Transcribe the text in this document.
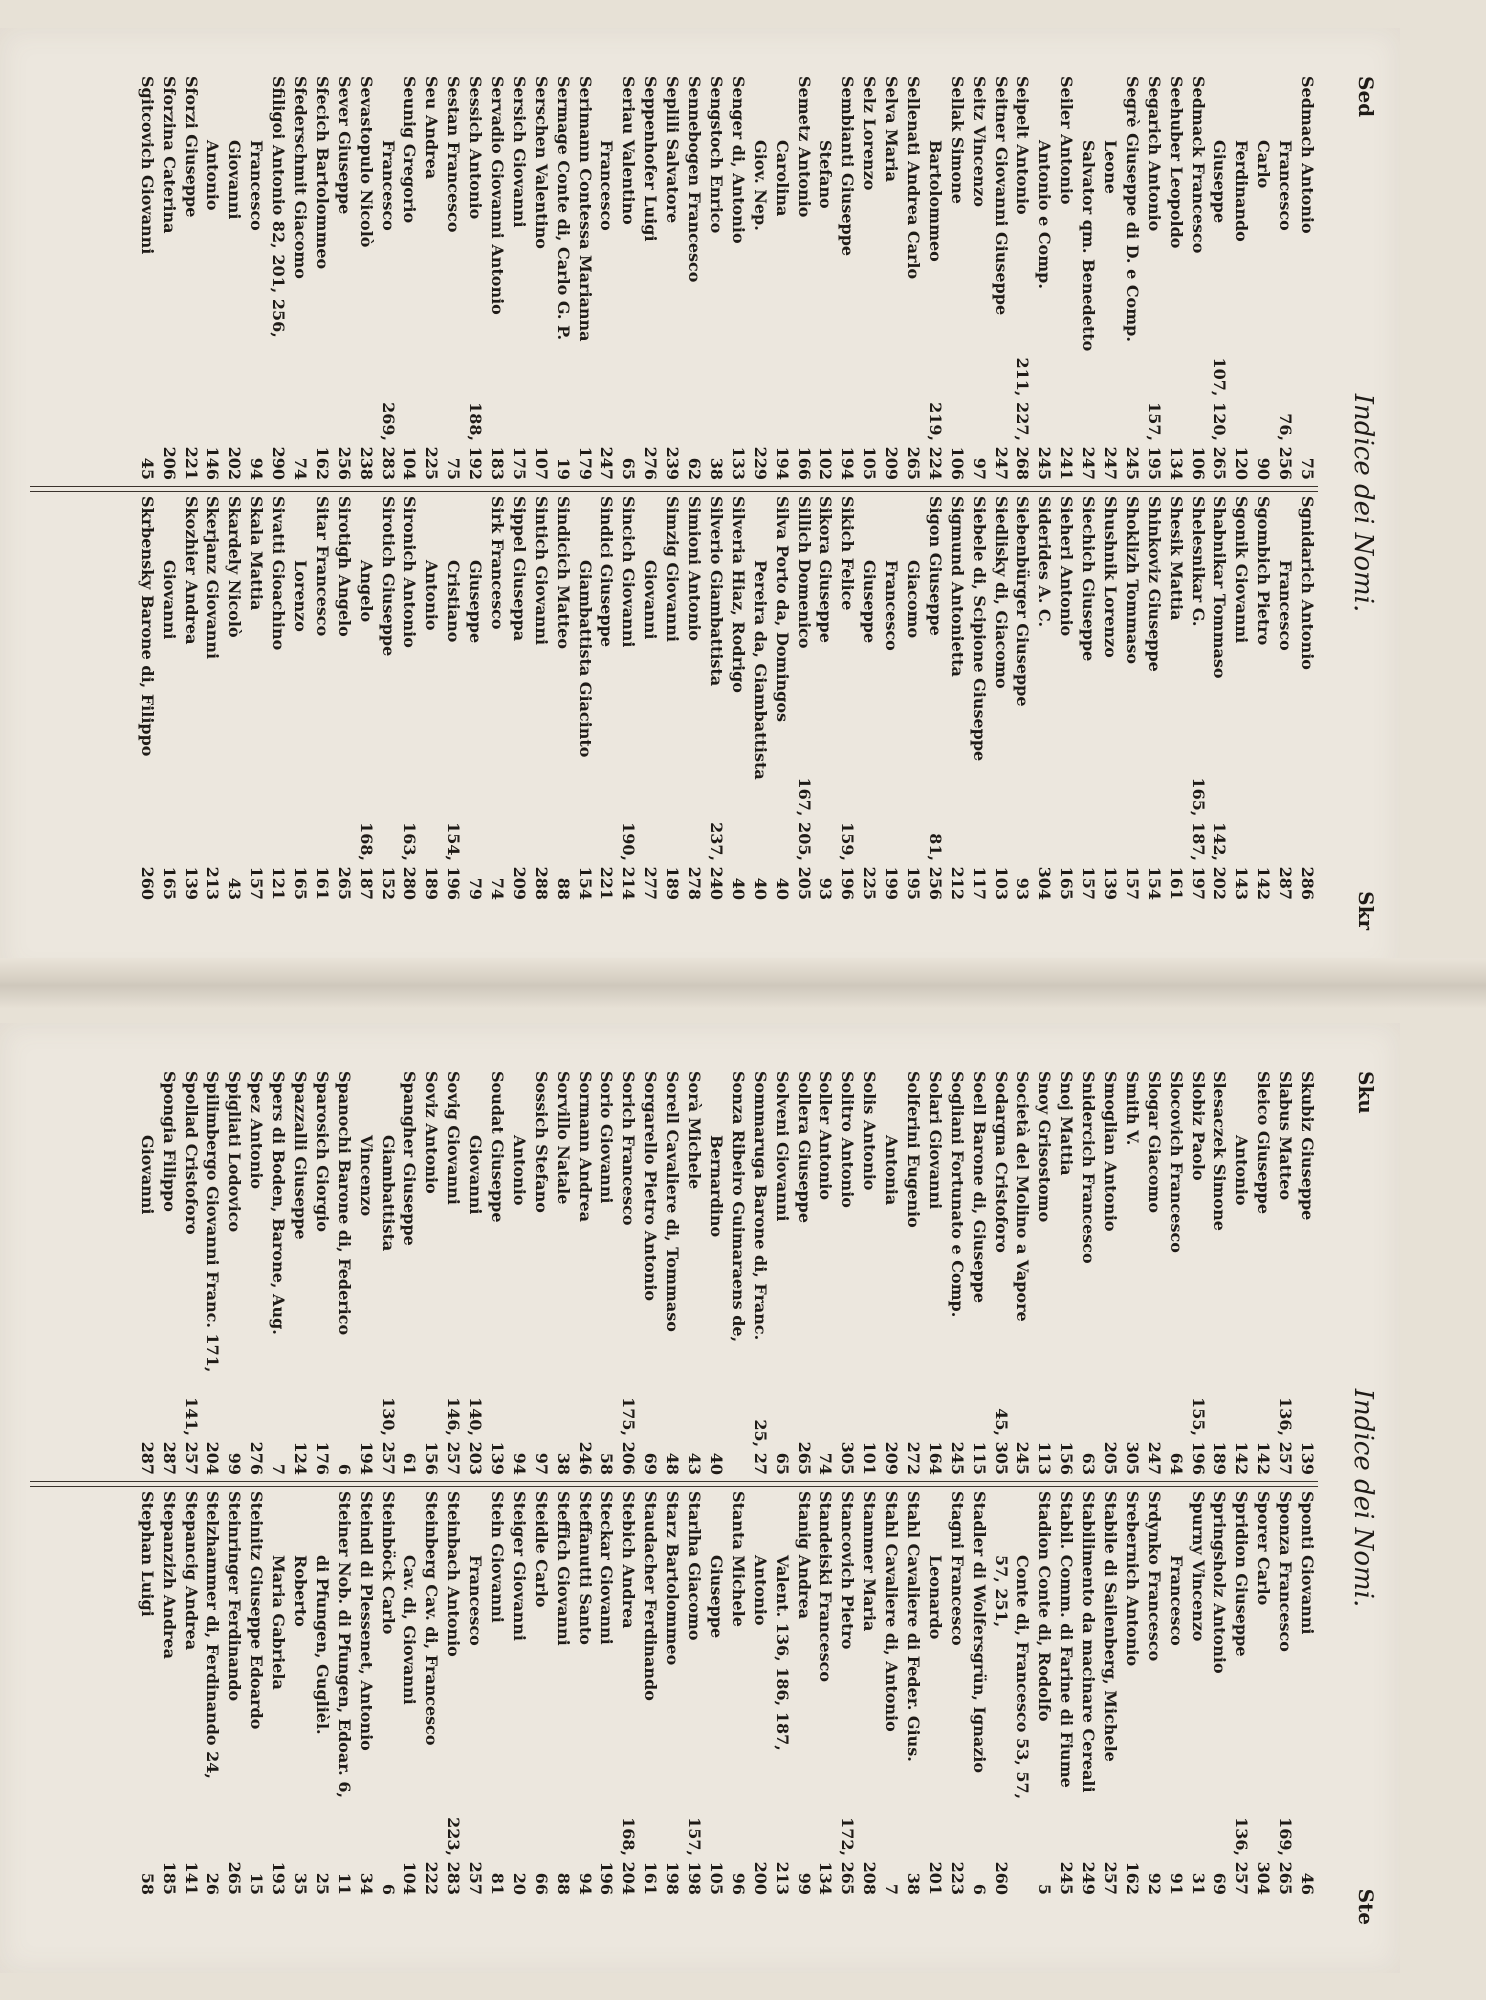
Sed
Indice dei Nomi.
Skr
Sedmach Antonio
75
Francesco
76, 256
Carlo
90
Ferdinando
120
Giuseppe
107, 120, 265
Sedmack Francesco
106
Seehuber Leopoldo
134
Segarich Antonio
157, 195
Segrè Giuseppe di D. e Comp.
245
Leone
247
Salvator qm. Benedetto
247
Seiler Antonio
241
Antonio e Comp.
245
Seipelt Antonio
211, 227, 268
Seitner Giovanni Giuseppe
247
Seitz Vincenzo
97
Sellak Simone
106
Bartolommeo
219, 224
Sellenati Andrea Carlo
265
Selva Maria
209
Selz Lorenzo
105
Sembianti Giuseppe
194
Stefano
102
Semetz Antonio
166
Carolina
194
Giov. Nep.
229
Senger di, Antonio
133
Sengstoch Enrico
38
Sennebogen Francesco
62
Seplili Salvatore
239
Seppenhofer Luigi
276
Seriau Valentino
65
Francesco
247
Serimann Contessa Marianna
179
Sermage Conte di, Carlo G. P.
19
Serschen Valentino
107
Sersich Giovanni
175
Servadio Giovanni Antonio
183
Sessich Antonio
188, 192
Sestan Francesco
75
Seu Andrea
225
Seunig Gregorio
104
Francesco
269, 283
Sevastopulo Nicolò
238
Sever Giuseppe
256
Sfecich Bartolommeo
162
Sfederschmit Giacomo
74
Sfiligoi Antonio 82, 201, 256,
290
Francesco
94
Giovanni
202
Antonio
146
Sforzi Giuseppe
221
Sforzina Caterina
206
Sgitcovich Giovanni
45
Sgnidarich Antonio
286
Francesco
287
Sgombich Pietro
142
Sgonik Giovanni
143
Shabnikar Tommaso
142, 202
Shelesnikar G.
165, 187, 197
Shesik Mattia
161
Shinkoviz Giuseppe
154
Shoklizh Tommaso
157
Shushnik Lorenzo
139
Siechich Giuseppe
157
Sieherl Antonio
165
Siderides A. C.
304
Siebenbürger Giuseppe
93
Siedlisky di, Giacomo
103
Siebele di, Scipione Giuseppe
117
Sigmund Antonietta
212
Sigon Giuseppe
81, 256
Giacomo
195
Francesco
199
Giuseppe
225
Sikich Felice
159, 196
Sikora Giuseppe
93
Sillich Domenico
167, 205, 205
Silva Porto da, Domingos
40
Pereira da, Giambattista
40
Silveria Hiaz, Rodrigo
40
Silverio Giambattista
237, 240
Simioni Antonio
278
Simzig Giovanni
189
Giovanni
277
Sincich Giovanni
190, 214
Sindici Giuseppe
221
Giambattista Giacinto
154
Sindicich Matteo
88
Sintich Giovanni
288
Sippel Giuseppa
209
Sirk Francesco
74
Giuseppe
79
Cristiano
154, 196
Antonio
189
Sironich Antonio
163, 280
Sirotich Giuseppe
152
Angelo
168, 187
Sirotigh Angelo
265
Sitar Francesco
161
Lorenzo
165
Sivatti Gioachino
121
Skala Mattia
157
Skardely Nicolò
43
Skerjanz Giovanni
213
Skozhier Andrea
139
Giovanni
165
Skrbensky Barone di, Filippo
260
Sku
Indice dei Nomi.
Ste
Skubiz Giuseppe
139
Slabus Matteo
136, 257
Sleico Giuseppe
142
Antonio
142
Slesaczek Simone
189
Slobiz Paolo
155, 196
Slocovich Francesco
64
Slogar Giacomo
247
Smith V.
305
Smoglian Antonio
205
Snidercich Francesco
63
Snoj Mattia
156
Snoy Grisostomo
113
Società del Molino a Vapore
245
Sodargna Cristoforo
45, 305
Soell Barone di, Giuseppe
115
Sogliani Fortunato e Comp.
245
Solari Giovanni
164
Solferini Eugenio
272
Antonia
209
Solis Antonio
101
Solitro Antonio
305
Soller Antonio
74
Sollera Giuseppe
265
Solveni Giovanni
65
Sommaruga Barone di, Franc.
25, 27
Sonza Ribeiro Guimaraens de,
Bernardino
40
Sorà Michele
43
Sorell Cavaliere di, Tommaso
48
Sorgarello Pietro Antonio
69
Sorich Francesco
175, 206
Sorio Giovanni
58
Sormann Andrea
246
Sorvillo Natale
38
Sossich Stefano
97
Antonio
94
Soudat Giuseppe
139
Giovanni
140, 203
Sovig Giovanni
146, 257
Soviz Antonio
156
Spangher Giuseppe
61
Giambattista
130, 257
Vincenzo
194
Spanochi Barone di, Federico
6
Sparosich Giorgio
176
Spazzalli Giuseppe
124
Spers di Boden, Barone, Aug.
7
Spez Antonio
276
Spigliati Lodovico
99
Spilimbergo Giovanni Franc. 171,
204
Spollad Cristoforo
141, 257
Spongia Filippo
287
Giovanni
287
Sponti Giovanni
46
Sponza Francesco
169, 265
Sporer Carlo
304
Spridion Giuseppe
136, 257
Springsholz Antonio
69
Spurny Vincenzo
31
Francesco
91
Srdynko Francesco
92
Srebernich Antonio
162
Stabile di Sailenberg, Michele
257
Stabilimento da macinare Cereali
249
Stabil. Comm. di Farine di Fiume
245
Stadion Conte di, Rodolfo
5
Conte di, Francesco 53, 57,
57, 251,
260
Stadler di Wolfersgrün, Ignazio
6
Stagni Francesco
223
Leonardo
201
Stahl Cavaliere di Feder. Gius.
38
Stahl Cavaliere di, Antonio
7
Stammer Maria
208
Stancovich Pietro
172, 265
Standeiski Francesco
134
Stanig Andrea
99
Valent. 136, 186, 187,
213
Antonio
200
Stanta Michele
96
Giuseppe
105
Starlha Giacomo
157, 198
Starz Bartolommeo
198
Staudacher Ferdinando
161
Stebich Andrea
168, 204
Steckar Giovanni
196
Steffanutti Santo
94
Steffich Giovanni
88
Steidle Carlo
66
Steiger Giovanni
20
Stein Giovanni
81
Francesco
257
Steinbach Antonio
223, 283
Steinberg Cav. di, Francesco
222
Cav. di, Giovanni
104
Steinböck Carlo
6
Steindl di Plessenet, Antonio
34
Steiner Nob. di Pfungen, Edoar. 6,
11
di Pfungen, Guglièl.
25
Roberto
35
Maria Gabriela
193
Steinitz Giuseppe Edoardo
15
Steinringer Ferdinando
265
Stelzhammer di, Ferdinando 24,
26
Stepancig Andrea
141
Stepanzizh Andrea
185
Stephan Luigi
58
